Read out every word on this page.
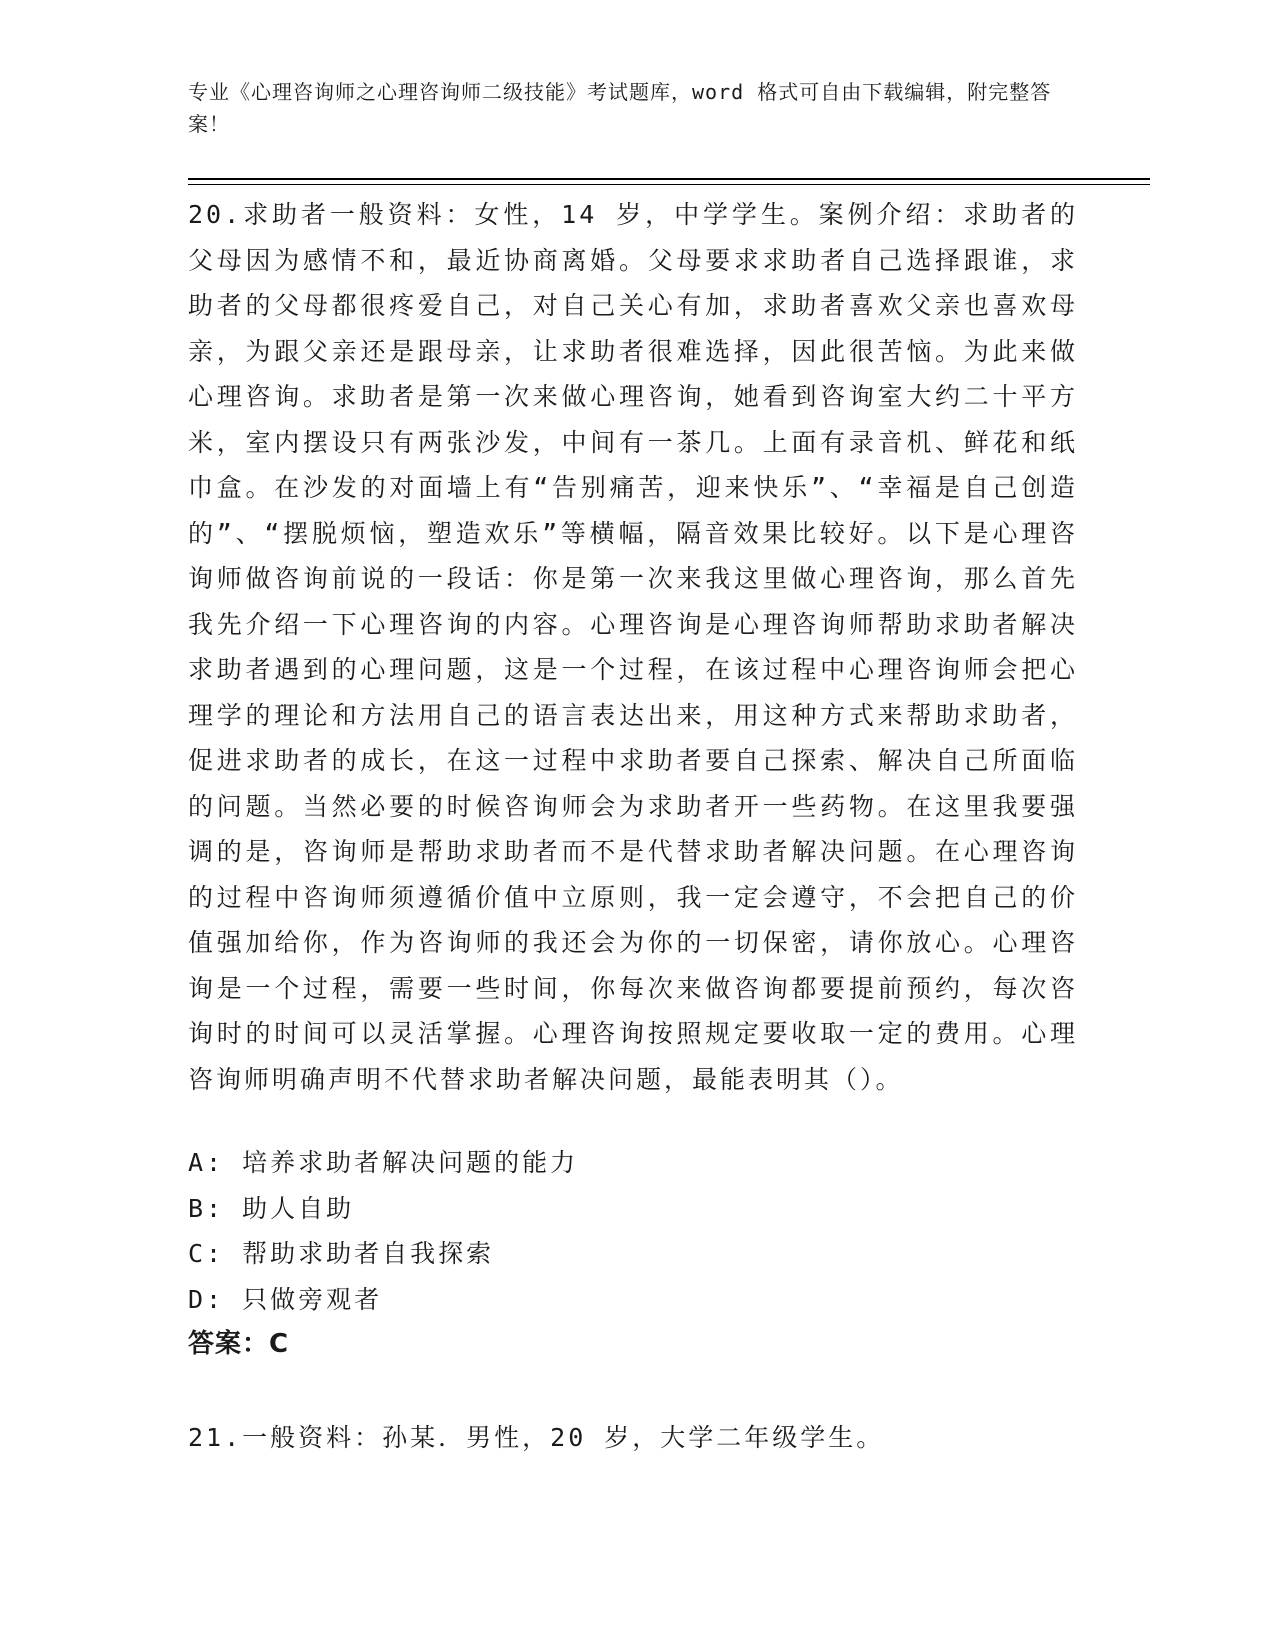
专业《心理咨询师之心理咨询师二级技能》考试题库，word 格式可自由下载编辑，附完整答案！
20.求助者一般资料：女性，14 岁，中学学生。案例介绍：求助者的父母因为感情不和，最近协商离婚。父母要求求助者自己选择跟谁，求助者的父母都很疼爱自己，对自己关心有加，求助者喜欢父亲也喜欢母亲，为跟父亲还是跟母亲，让求助者很难选择，因此很苦恼。为此来做心理咨询。求助者是第一次来做心理咨询，她看到咨询室大约二十平方米，室内摆设只有两张沙发，中间有一茶几。上面有录音机、鲜花和纸巾盒。在沙发的对面墙上有“告别痛苦，迎来快乐”、“幸福是自己创造的”、“摆脱烦恼，塑造欢乐”等横幅，隔音效果比较好。以下是心理咨询师做咨询前说的一段话：你是第一次来我这里做心理咨询，那么首先我先介绍一下心理咨询的内容。心理咨询是心理咨询师帮助求助者解决求助者遇到的心理问题，这是一个过程，在该过程中心理咨询师会把心理学的理论和方法用自己的语言表达出来，用这种方式来帮助求助者，促进求助者的成长，在这一过程中求助者要自己探索、解决自己所面临的问题。当然必要的时候咨询师会为求助者开一些药物。在这里我要强调的是，咨询师是帮助求助者而不是代替求助者解决问题。在心理咨询的过程中咨询师须遵循价值中立原则，我一定会遵守，不会把自己的价值强加给你，作为咨询师的我还会为你的一切保密，请你放心。心理咨询是一个过程，需要一些时间，你每次来做咨询都要提前预约，每次咨询时的时间可以灵活掌握。心理咨询按照规定要收取一定的费用。心理咨询师明确声明不代替求助者解决问题，最能表明其（）。
A: 培养求助者解决问题的能力
B: 助人自助
C: 帮助求助者自我探索
D: 只做旁观者
答案：C
21.一般资料：孙某．男性，20 岁，大学二年级学生。
